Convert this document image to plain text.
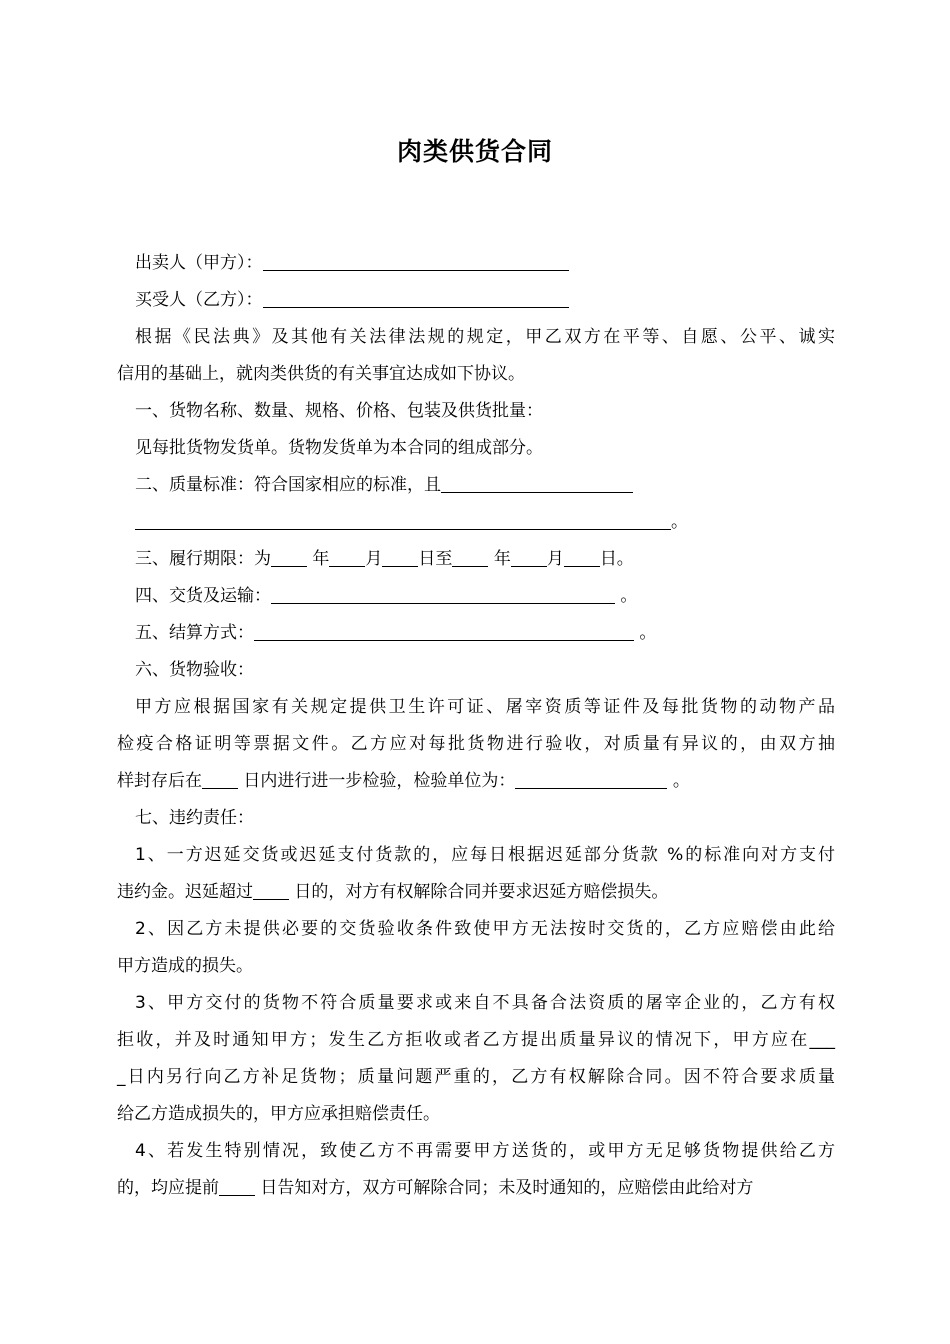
肉类供货合同
出卖人（甲方）：
买受人（乙方）：
根据《民法典》及其他有关法律法规的规定，甲乙双方在平等、自愿、公平、诚实
信用的基础上，就肉类供货的有关事宜达成如下协议。
一、货物名称、数量、规格、价格、包装及供货批量：
见每批货物发货单。货物发货单为本合同的组成部分。
二、质量标准：符合国家相应的标准，且
。
三、履行期限：为 年 月 日至 年 月 日。
四、交货及运输：	。
五、结算方式：	。
六、货物验收：
甲方应根据国家有关规定提供卫生许可证、屠宰资质等证件及每批货物的动物产品
检疫合格证明等票据文件。乙方应对每批货物进行验收，对质量有异议的，由双方抽
样封存后在 日内进行进一步检验，检验单位为：	。
七、违约责任：
1、一方迟延交货或迟延支付货款的，应每日根据迟延部分货款 %的标准向对方支付
违约金。迟延超过 日的，对方有权解除合同并要求迟延方赔偿损失。
2、因乙方未提供必要的交货验收条件致使甲方无法按时交货的，乙方应赔偿由此给
甲方造成的损失。
3、甲方交付的货物不符合质量要求或来自不具备合法资质的屠宰企业的，乙方有权
拒收，并及时通知甲方；发生乙方拒收或者乙方提出质量异议的情况下，甲方应在___
_日内另行向乙方补足货物；质量问题严重的，乙方有权解除合同。因不符合要求质量
给乙方造成损失的，甲方应承担赔偿责任。
4、若发生特别情况，致使乙方不再需要甲方送货的，或甲方无足够货物提供给乙方
的，均应提前 日告知对方，双方可解除合同；未及时通知的，应赔偿由此给对方
